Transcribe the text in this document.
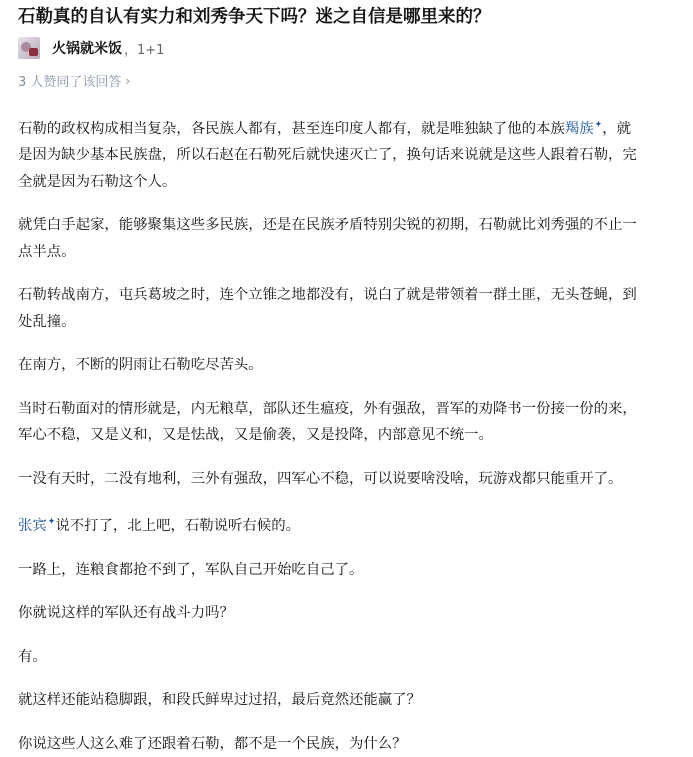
石勒真的自认有实力和刘秀争天下吗？迷之自信是哪里来的？
火锅就米饭 ，1+1
3 人赞同了该回答 ›

石勒的政权构成相当复杂，各民族人都有，甚至连印度人都有，就是唯独缺了他的本族羯族✦，就
是因为缺少基本民族盘，所以石赵在石勒死后就快速灭亡了，换句话来说就是这些人跟着石勒，完
全就是因为石勒这个人。

就凭白手起家，能够聚集这些多民族，还是在民族矛盾特别尖锐的初期，石勒就比刘秀强的不止一
点半点。

石勒转战南方，屯兵葛坡之时，连个立锥之地都没有，说白了就是带领着一群土匪，无头苍蝇，到
处乱撞。

在南方，不断的阴雨让石勒吃尽苦头。

当时石勒面对的情形就是，内无粮草，部队还生瘟疫，外有强敌，晋军的劝降书一份接一份的来，
军心不稳，又是义和，又是怯战，又是偷袭，又是投降，内部意见不统一。

一没有天时，二没有地利，三外有强敌，四军心不稳，可以说要啥没啥，玩游戏都只能重开了。

张宾✦说不打了，北上吧，石勒说听右候的。

一路上，连粮食都抢不到了，军队自己开始吃自己了。

你就说这样的军队还有战斗力吗？

有。

就这样还能站稳脚跟，和段氏鲜卑过过招，最后竟然还能赢了？

你说这些人这么难了还跟着石勒，都不是一个民族，为什么？
